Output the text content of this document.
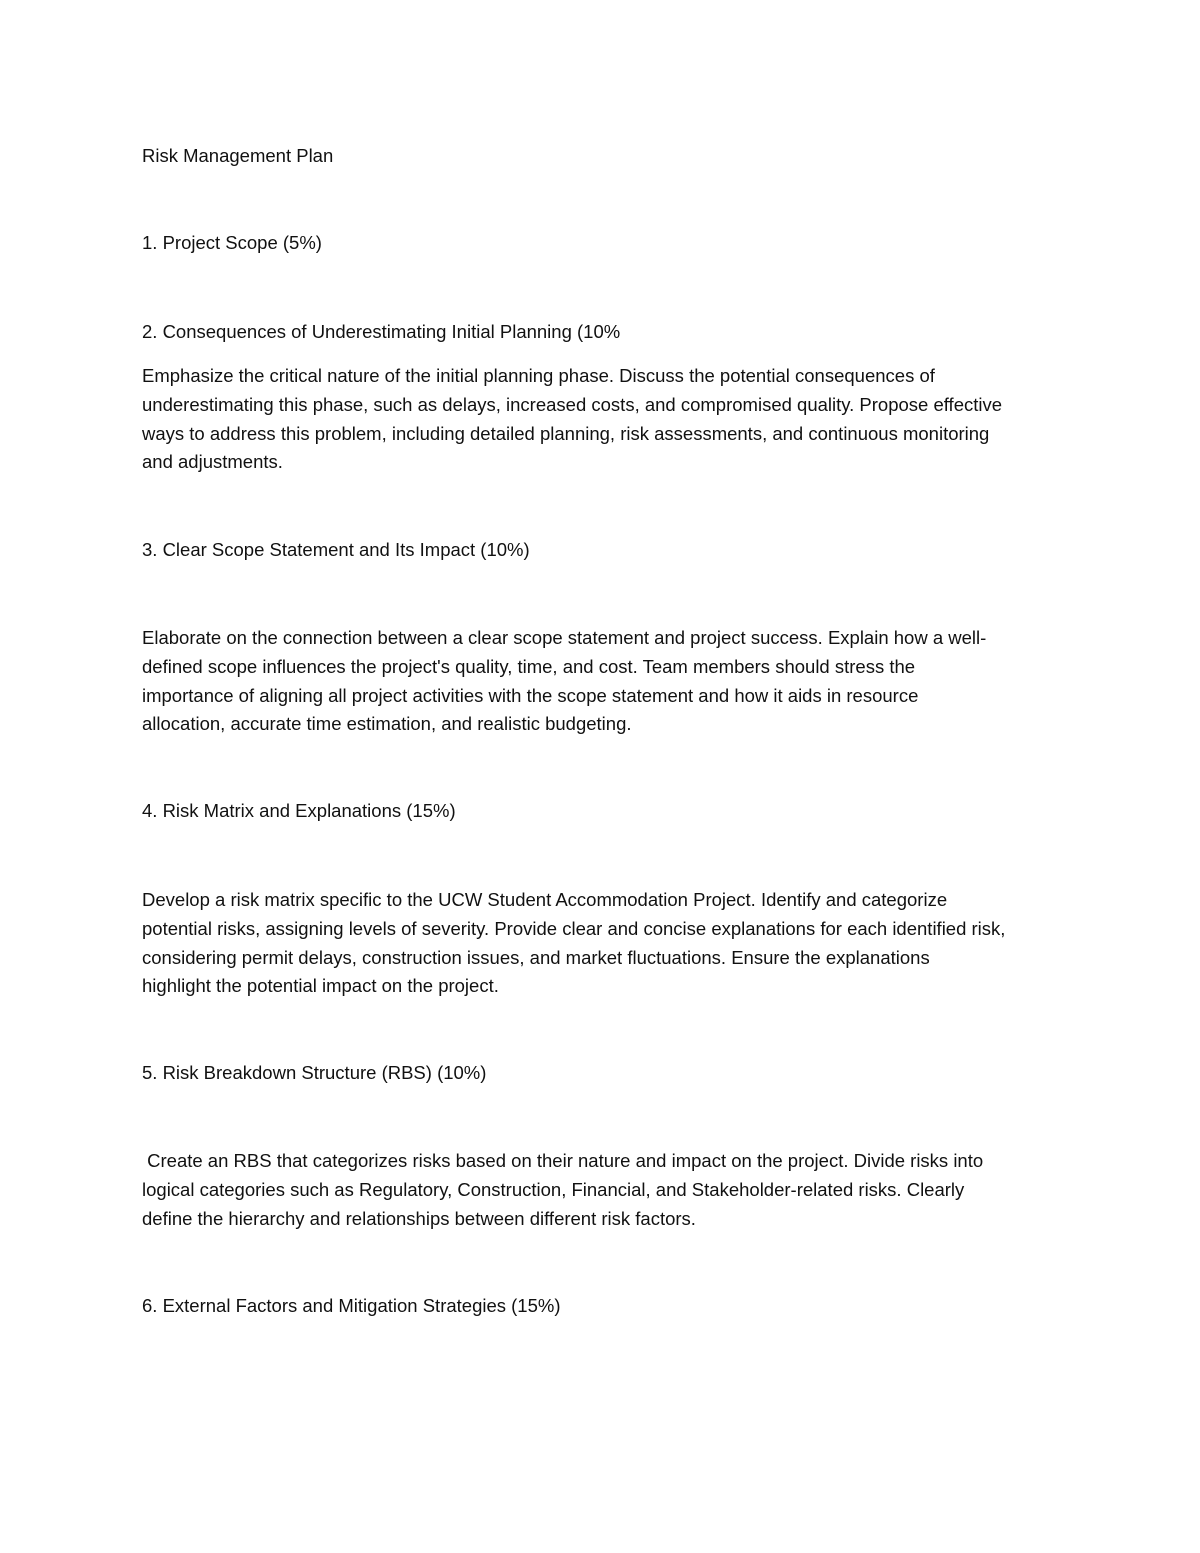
Risk Management Plan
1. Project Scope (5%)
2. Consequences of Underestimating Initial Planning (10%
Emphasize the critical nature of the initial planning phase. Discuss the potential consequences of
underestimating this phase, such as delays, increased costs, and compromised quality. Propose effective
ways to address this problem, including detailed planning, risk assessments, and continuous monitoring
and adjustments.
3. Clear Scope Statement and Its Impact (10%)
Elaborate on the connection between a clear scope statement and project success. Explain how a well-
defined scope influences the project's quality, time, and cost. Team members should stress the
importance of aligning all project activities with the scope statement and how it aids in resource
allocation, accurate time estimation, and realistic budgeting.
4. Risk Matrix and Explanations (15%)
Develop a risk matrix specific to the UCW Student Accommodation Project. Identify and categorize
potential risks, assigning levels of severity. Provide clear and concise explanations for each identified risk,
considering permit delays, construction issues, and market fluctuations. Ensure the explanations
highlight the potential impact on the project.
5. Risk Breakdown Structure (RBS) (10%)
Create an RBS that categorizes risks based on their nature and impact on the project. Divide risks into
logical categories such as Regulatory, Construction, Financial, and Stakeholder-related risks. Clearly
define the hierarchy and relationships between different risk factors.
6. External Factors and Mitigation Strategies (15%)
